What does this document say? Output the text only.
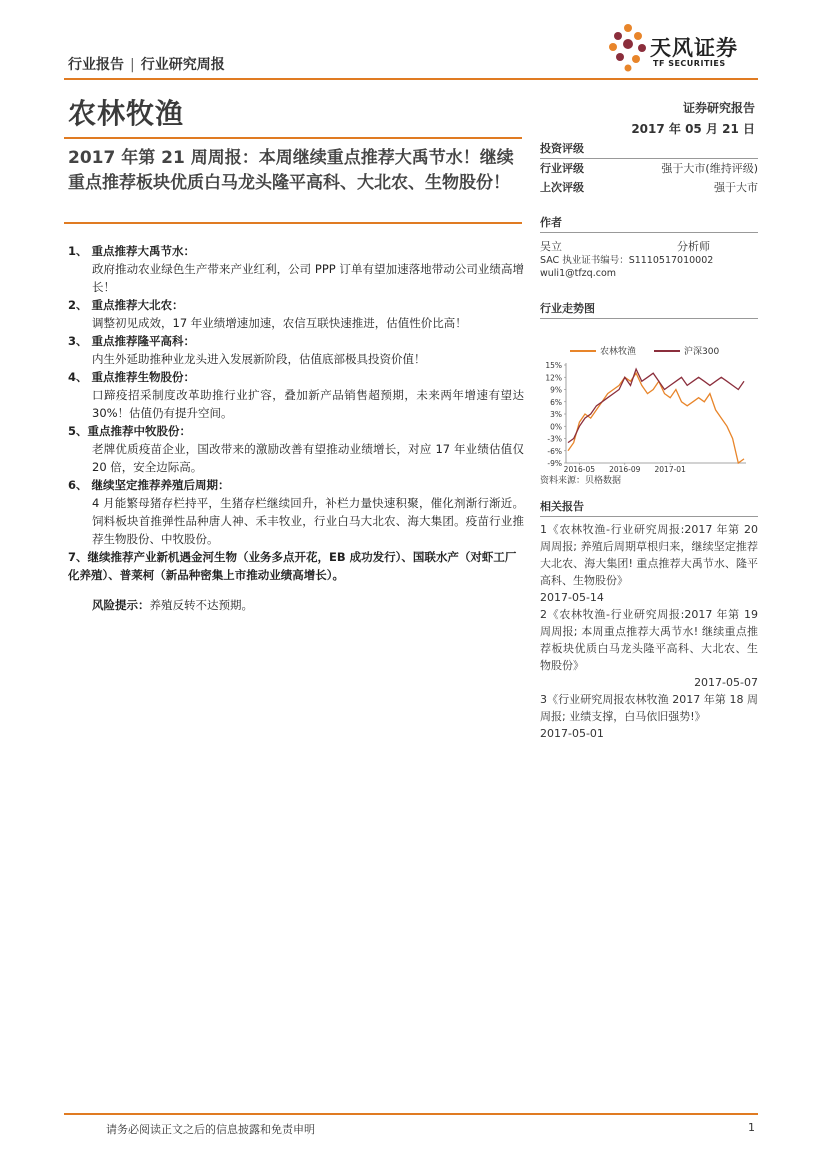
行业报告 | 行业研究周报
天风证券
TF SECURITIES
农林牧渔	证券研究报告
2017 年 05 月 21 日
2017 年第 21 周周报：本周继续重点推荐大禹节水！继续重点推荐板块优质白马龙头隆平高科、大北农、生物股份！
1、 重点推荐大禹节水：
政府推动农业绿色生产带来产业红利，公司 PPP 订单有望加速落地带动公司业绩高增长！
2、 重点推荐大北农：
调整初见成效，17 年业绩增速加速，农信互联快速推进，估值性价比高！
3、 重点推荐隆平高科：
内生外延助推种业龙头进入发展新阶段，估值底部极具投资价值！
4、 重点推荐生物股份：
口蹄疫招采制度改革助推行业扩容，叠加新产品销售超预期，未来两年增速有望达 30%！估值仍有提升空间。
5、重点推荐中牧股份：
老牌优质疫苗企业，国改带来的激励改善有望推动业绩增长，对应 17 年业绩估值仅 20 倍，安全边际高。
6、 继续坚定推荐养殖后周期：
4 月能繁母猪存栏持平，生猪存栏继续回升，补栏力量快速积聚，催化剂渐行渐近。饲料板块首推弹性品种唐人神、禾丰牧业，行业白马大北农、海大集团。疫苗行业推荐生物股份、中牧股份。
7、继续推荐产业新机遇金河生物（业务多点开花，EB 成功发行）、国联水产（对虾工厂化养殖）、普莱柯（新品种密集上市推动业绩高增长）。
风险提示：养殖反转不达预期。
投资评级
行业评级	强于大市(维持评级)
上次评级	强于大市
作者
吴立	分析师
SAC 执业证书编号：S1110517010002
wuli1@tfzq.com
行业走势图
农林牧渔	沪深300
15%
12%
9%
6%
3%
0%
-3%
-6%
-9%
2016-05 2016-09 2017-01
资料来源：贝格数据
相关报告
1《农林牧渔-行业研究周报:2017 年第 20 周周报; 养殖后周期草根归来，继续坚定推荐大北农、海大集团! 重点推荐大禹节水、隆平高科、生物股份》
2017-05-14
2《农林牧渔-行业研究周报:2017 年第 19 周周报; 本周重点推荐大禹节水! 继续重点推荐板块优质白马龙头隆平高科、大北农、生物股份》
2017-05-07
3《行业研究周报农林牧渔 2017 年第 18 周周报; 业绩支撑，白马依旧强势!》
2017-05-01
请务必阅读正文之后的信息披露和免责申明	1
